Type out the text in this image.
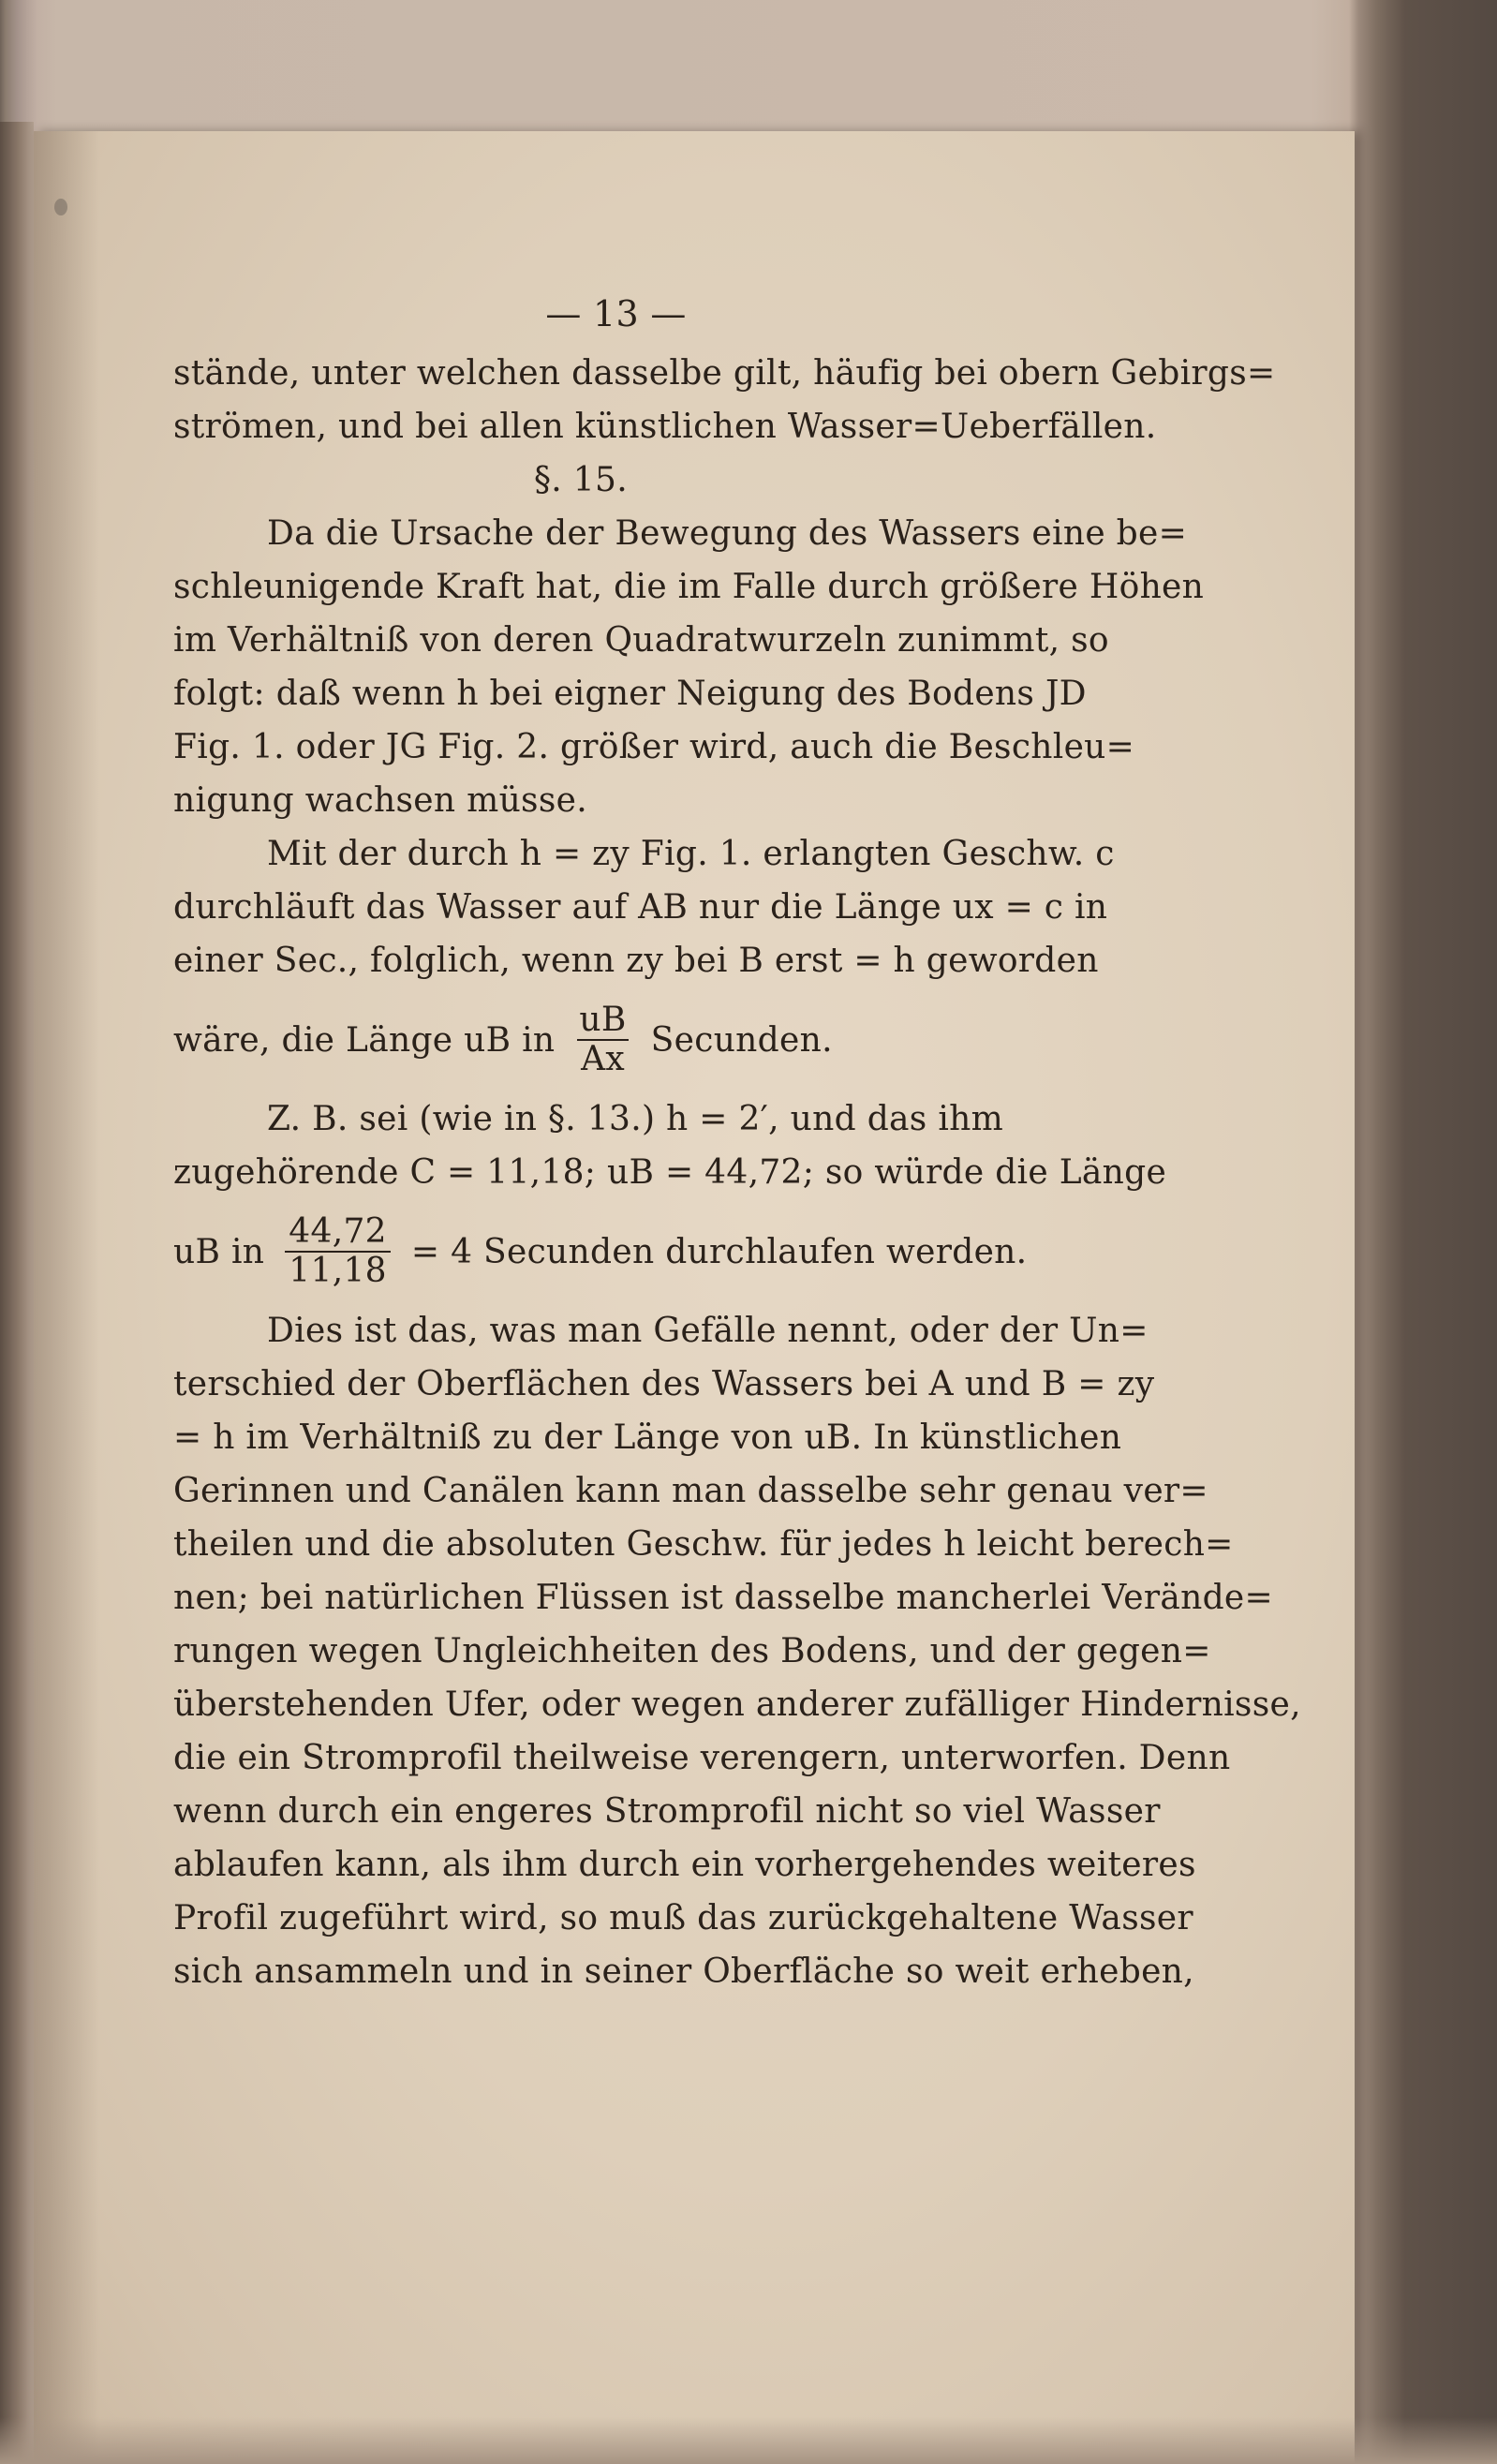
— 13 —
stände, unter welchen dasselbe gilt, häufig bei obern Gebirgs=
strömen, und bei allen künstlichen Wasser=Ueberfällen.
§. 15.
Da die Ursache der Bewegung des Wassers eine be=
schleunigende Kraft hat, die im Falle durch größere Höhen
im Verhältniß von deren Quadratwurzeln zunimmt, so
folgt: daß wenn h bei eigner Neigung des Bodens JD
Fig. 1. oder JG Fig. 2. größer wird, auch die Beschleu=
nigung wachsen müsse.
Mit der durch h = zy Fig. 1. erlangten Geschw. c
durchläuft das Wasser auf AB nur die Länge ux = c in
einer Sec., folglich, wenn zy bei B erst = h geworden
wäre, die Länge uB in $\frac{uB}{Ax}$ Secunden.
Z. B. sei (wie in §. 13.) h = 2′, und das ihm
zugehörende C = 11,18; uB = 44,72; so würde die Länge
uB in $\frac{44,72}{11,18} = 4$ Secunden durchlaufen werden.
Dies ist das, was man Gefälle nennt, oder der Un=
terschied der Oberflächen des Wassers bei A und B = zy
= h im Verhältniß zu der Länge von uB. In künstlichen
Gerinnen und Canälen kann man dasselbe sehr genau ver=
theilen und die absoluten Geschw. für jedes h leicht berech=
nen; bei natürlichen Flüssen ist dasselbe mancherlei Verände=
rungen wegen Ungleichheiten des Bodens, und der gegen=
überstehenden Ufer, oder wegen anderer zufälliger Hindernisse,
die ein Stromprofil theilweise verengern, unterworfen. Denn
wenn durch ein engeres Stromprofil nicht so viel Wasser
ablaufen kann, als ihm durch ein vorhergehendes weiteres
Profil zugeführt wird, so muß das zurückgehaltene Wasser
sich ansammeln und in seiner Oberfläche so weit erheben,
